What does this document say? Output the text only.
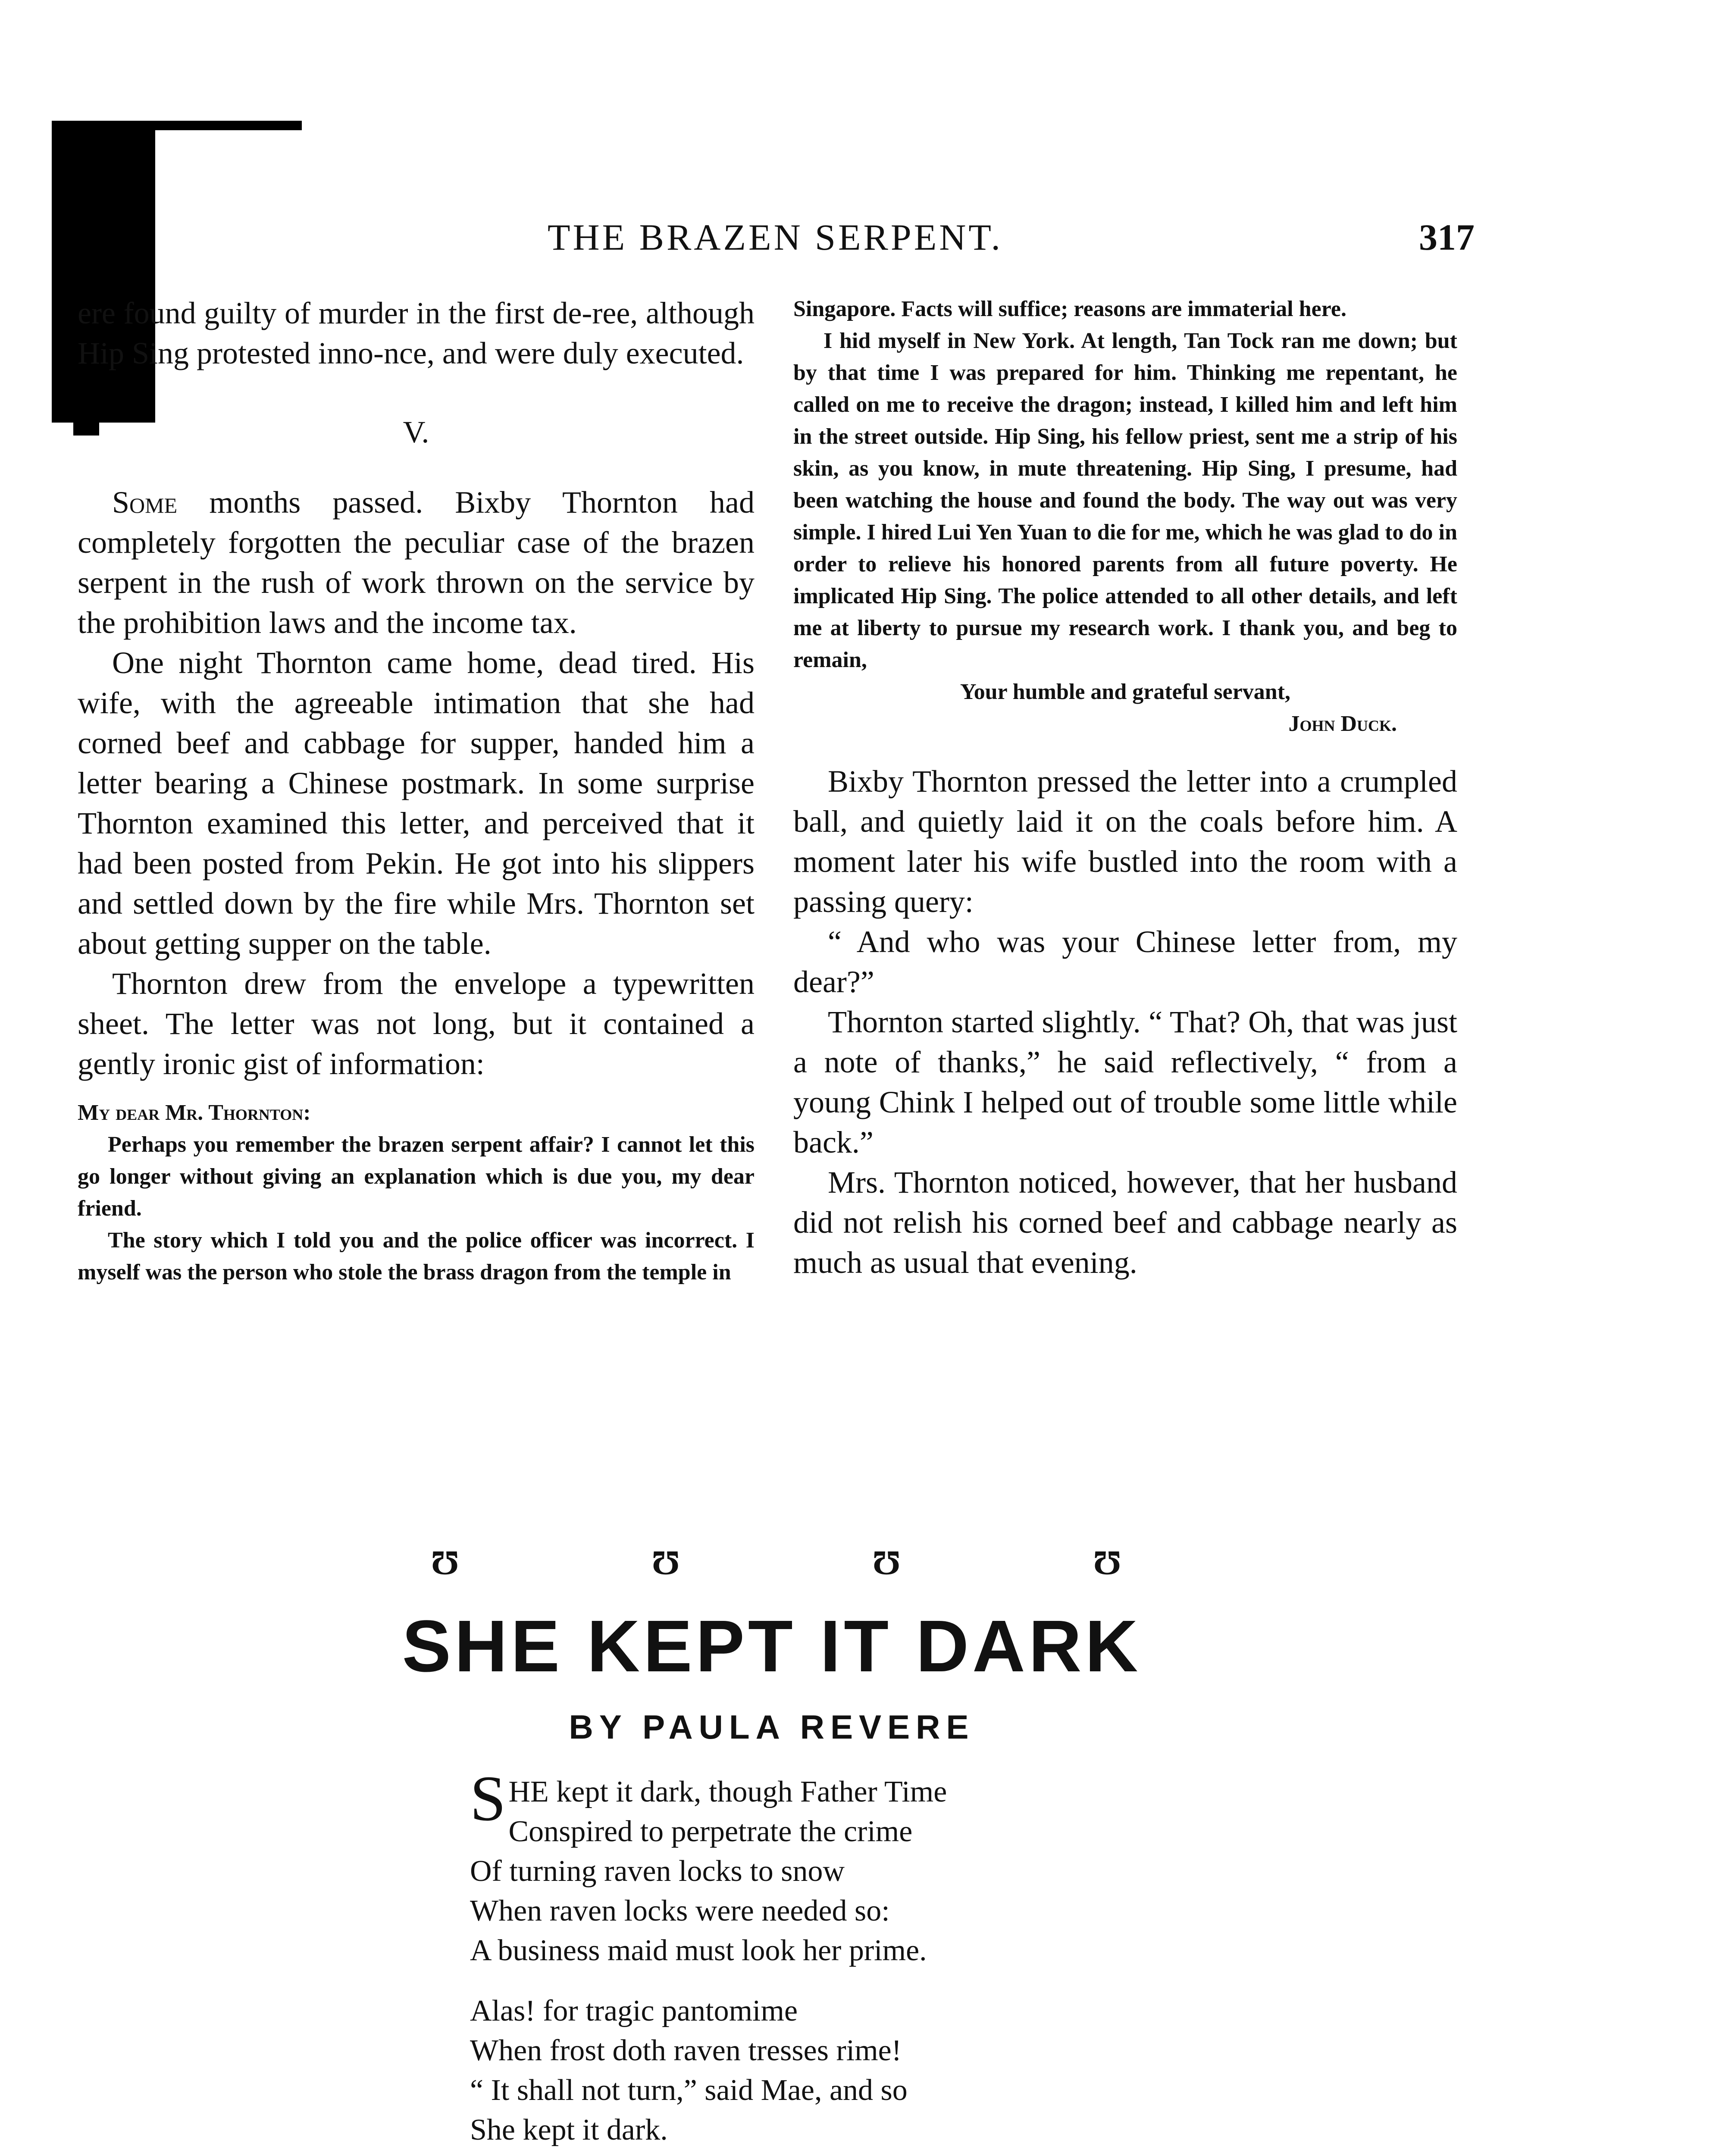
THE BRAZEN SERPENT.	317

ere found guilty of murder in the first de-ree, although Hip Sing protested inno-nce, and were duly executed.

V.

Some months passed. Bixby Thornton had completely forgotten the peculiar case of the brazen serpent in the rush of work thrown on the service by the prohibition laws and the income tax.

One night Thornton came home, dead tired. His wife, with the agreeable intimation that she had corned beef and cabbage for supper, handed him a letter bearing a Chinese postmark. In some surprise Thornton examined this letter, and perceived that it had been posted from Pekin. He got into his slippers and settled down by the fire while Mrs. Thornton set about getting supper on the table.

Thornton drew from the envelope a typewritten sheet. The letter was not long, but it contained a gently ironic gist of information:

My dear Mr. Thornton:

Perhaps you remember the brazen serpent affair? I cannot let this go longer without giving an explanation which is due you, my dear friend.

The story which I told you and the police officer was incorrect. I myself was the person who stole the brass dragon from the temple in

Singapore. Facts will suffice; reasons are immaterial here.

I hid myself in New York. At length, Tan Tock ran me down; but by that time I was prepared for him. Thinking me repentant, he called on me to receive the dragon; instead, I killed him and left him in the street outside. Hip Sing, his fellow priest, sent me a strip of his skin, as you know, in mute threatening. Hip Sing, I presume, had been watching the house and found the body. The way out was very simple. I hired Lui Yen Yuan to die for me, which he was glad to do in order to relieve his honored parents from all future poverty. He implicated Hip Sing. The police attended to all other details, and left me at liberty to pursue my research work. I thank you, and beg to remain,

Your humble and grateful servant,

John Duck.

Bixby Thornton pressed the letter into a crumpled ball, and quietly laid it on the coals before him. A moment later his wife bustled into the room with a passing query:

“ And who was your Chinese letter from, my dear?”

Thornton started slightly. “ That? Oh, that was just a note of thanks,” he said reflectively, “ from a young Chink I helped out of trouble some little while back.”

Mrs. Thornton noticed, however, that her husband did not relish his corned beef and cabbage nearly as much as usual that evening.

Ʊ	Ʊ	Ʊ	Ʊ
SHE KEPT IT DARK
BY PAULA REVERE
S HE kept it dark, though Father Time
Conspired to perpetrate the crime
Of turning raven locks to snow
When raven locks were needed so:
A business maid must look her prime.
Alas! for tragic pantomime
When frost doth raven tresses rime!
“ It shall not turn,” said Mae, and so
She kept it dark.
